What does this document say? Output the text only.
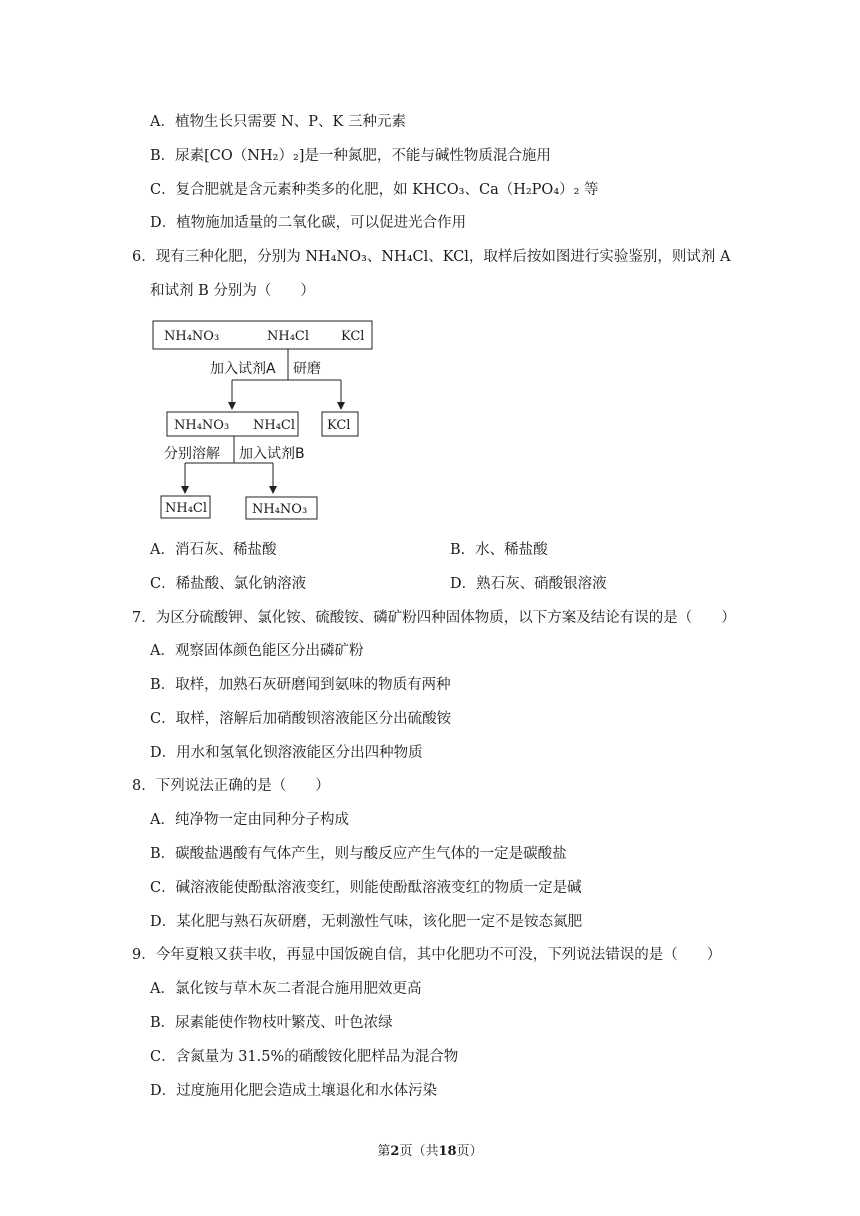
A．植物生长只需要 N、P、K 三种元素
B．尿素[CO（NH₂）₂]是一种氮肥，不能与碱性物质混合施用
C．复合肥就是含元素种类多的化肥，如 KHCO₃、Ca（H₂PO₄）₂ 等
D．植物施加适量的二氧化碳，可以促进光合作用
6．现有三种化肥，分别为 NH₄NO₃、NH₄Cl、KCl，取样后按如图进行实验鉴别，则试剂 A
和试剂 B 分别为（　　）
NH₄NO₃	NH₄Cl KCl
加入试剂A 研磨
NH₄NO₃ NH₄Cl KCl
分别溶解 加入试剂B
NH₄Cl	NH₄NO₃
A．消石灰、稀盐酸	B．水、稀盐酸
C．稀盐酸、氯化钠溶液	D．熟石灰、硝酸银溶液
7．为区分硫酸钾、氯化铵、硫酸铵、磷矿粉四种固体物质，以下方案及结论有误的是（　　）
A．观察固体颜色能区分出磷矿粉
B．取样，加熟石灰研磨闻到氨味的物质有两种
C．取样，溶解后加硝酸钡溶液能区分出硫酸铵
D．用水和氢氧化钡溶液能区分出四种物质
8．下列说法正确的是（　　）
A．纯净物一定由同种分子构成
B．碳酸盐遇酸有气体产生，则与酸反应产生气体的一定是碳酸盐
C．碱溶液能使酚酞溶液变红，则能使酚酞溶液变红的物质一定是碱
D．某化肥与熟石灰研磨，无刺激性气味，该化肥一定不是铵态氮肥
9．今年夏粮又获丰收，再显中国饭碗自信，其中化肥功不可没，下列说法错误的是（　　）
A．氯化铵与草木灰二者混合施用肥效更高
B．尿素能使作物枝叶繁茂、叶色浓绿
C．含氮量为 31.5%的硝酸铵化肥样品为混合物
D．过度施用化肥会造成土壤退化和水体污染
第2页（共18页）
